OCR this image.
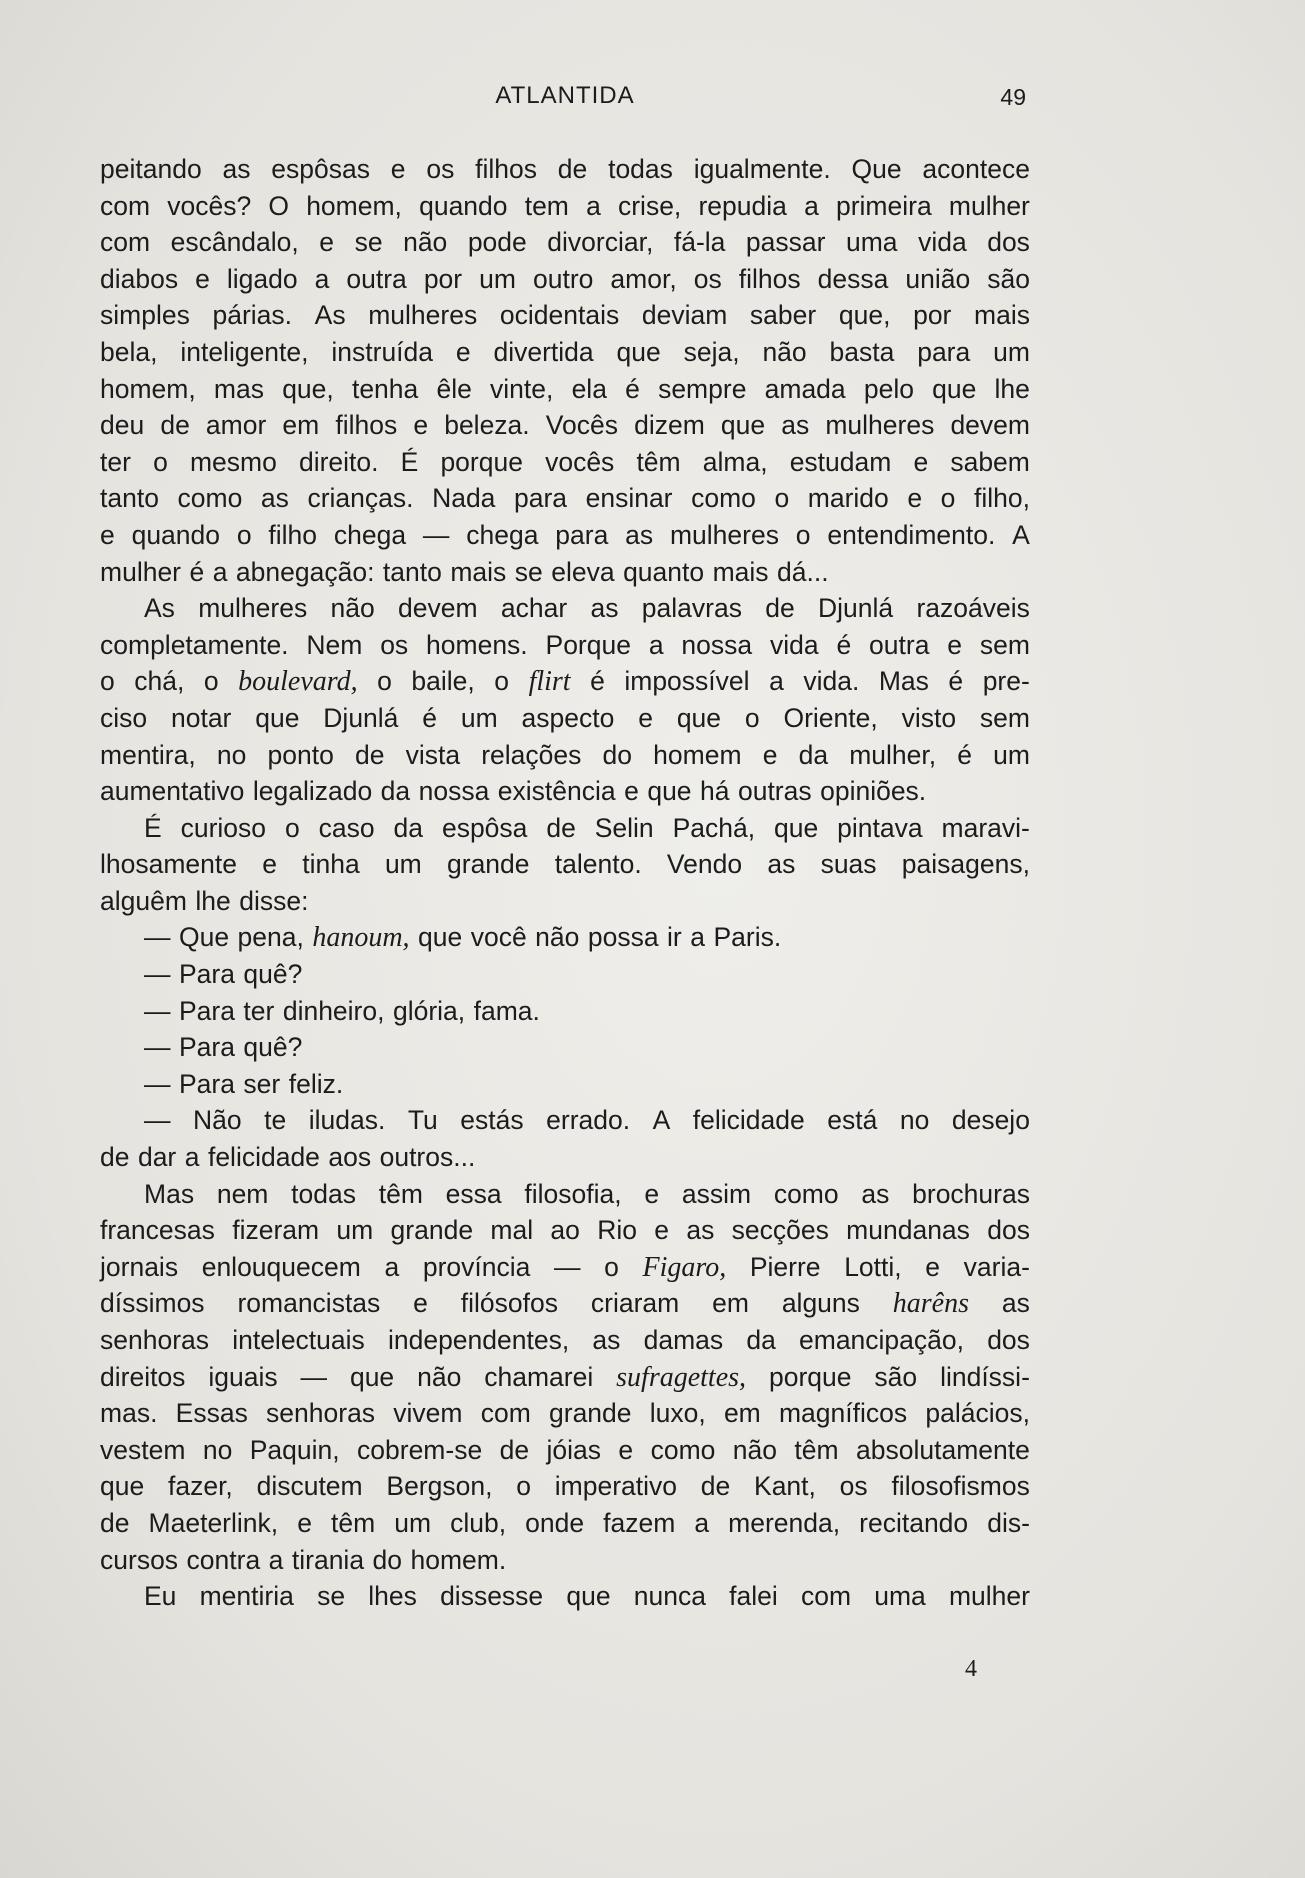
ATLANTIDA	49
peitando as espôsas e os filhos de todas igualmente. Que acontece
com vocês? O homem, quando tem a crise, repudia a primeira mulher
com escândalo, e se não pode divorciar, fá-la passar uma vida dos
diabos e ligado a outra por um outro amor, os filhos dessa união são
simples párias. As mulheres ocidentais deviam saber que, por mais
bela, inteligente, instruída e divertida que seja, não basta para um
homem, mas que, tenha êle vinte, ela é sempre amada pelo que lhe
deu de amor em filhos e beleza. Vocês dizem que as mulheres devem
ter o mesmo direito. É porque vocês têm alma, estudam e sabem
tanto como as crianças. Nada para ensinar como o marido e o filho,
e quando o filho chega — chega para as mulheres o entendimento. A
mulher é a abnegação: tanto mais se eleva quanto mais dá...
As mulheres não devem achar as palavras de Djunlá razoáveis
completamente. Nem os homens. Porque a nossa vida é outra e sem
o chá, o boulevard, o baile, o flirt é impossível a vida. Mas é pre-
ciso notar que Djunlá é um aspecto e que o Oriente, visto sem
mentira, no ponto de vista relações do homem e da mulher, é um
aumentativo legalizado da nossa existência e que há outras opiniões.
É curioso o caso da espôsa de Selin Pachá, que pintava maravi-
lhosamente e tinha um grande talento. Vendo as suas paisagens,
alguêm lhe disse:
— Que pena, hanoum, que você não possa ir a Paris.
— Para quê?
— Para ter dinheiro, glória, fama.
— Para quê?
— Para ser feliz.
— Não te iludas. Tu estás errado. A felicidade está no desejo
de dar a felicidade aos outros...
Mas nem todas têm essa filosofia, e assim como as brochuras
francesas fizeram um grande mal ao Rio e as secções mundanas dos
jornais enlouquecem a província — o Figaro, Pierre Lotti, e varia-
díssimos romancistas e filósofos criaram em alguns harêns as
senhoras intelectuais independentes, as damas da emancipação, dos
direitos iguais — que não chamarei sufragettes, porque são lindíssi-
mas. Essas senhoras vivem com grande luxo, em magníficos palácios,
vestem no Paquin, cobrem-se de jóias e como não têm absolutamente
que fazer, discutem Bergson, o imperativo de Kant, os filosofismos
de Maeterlink, e têm um club, onde fazem a merenda, recitando dis-
cursos contra a tirania do homem.
Eu mentiria se lhes dissesse que nunca falei com uma mulher
4
